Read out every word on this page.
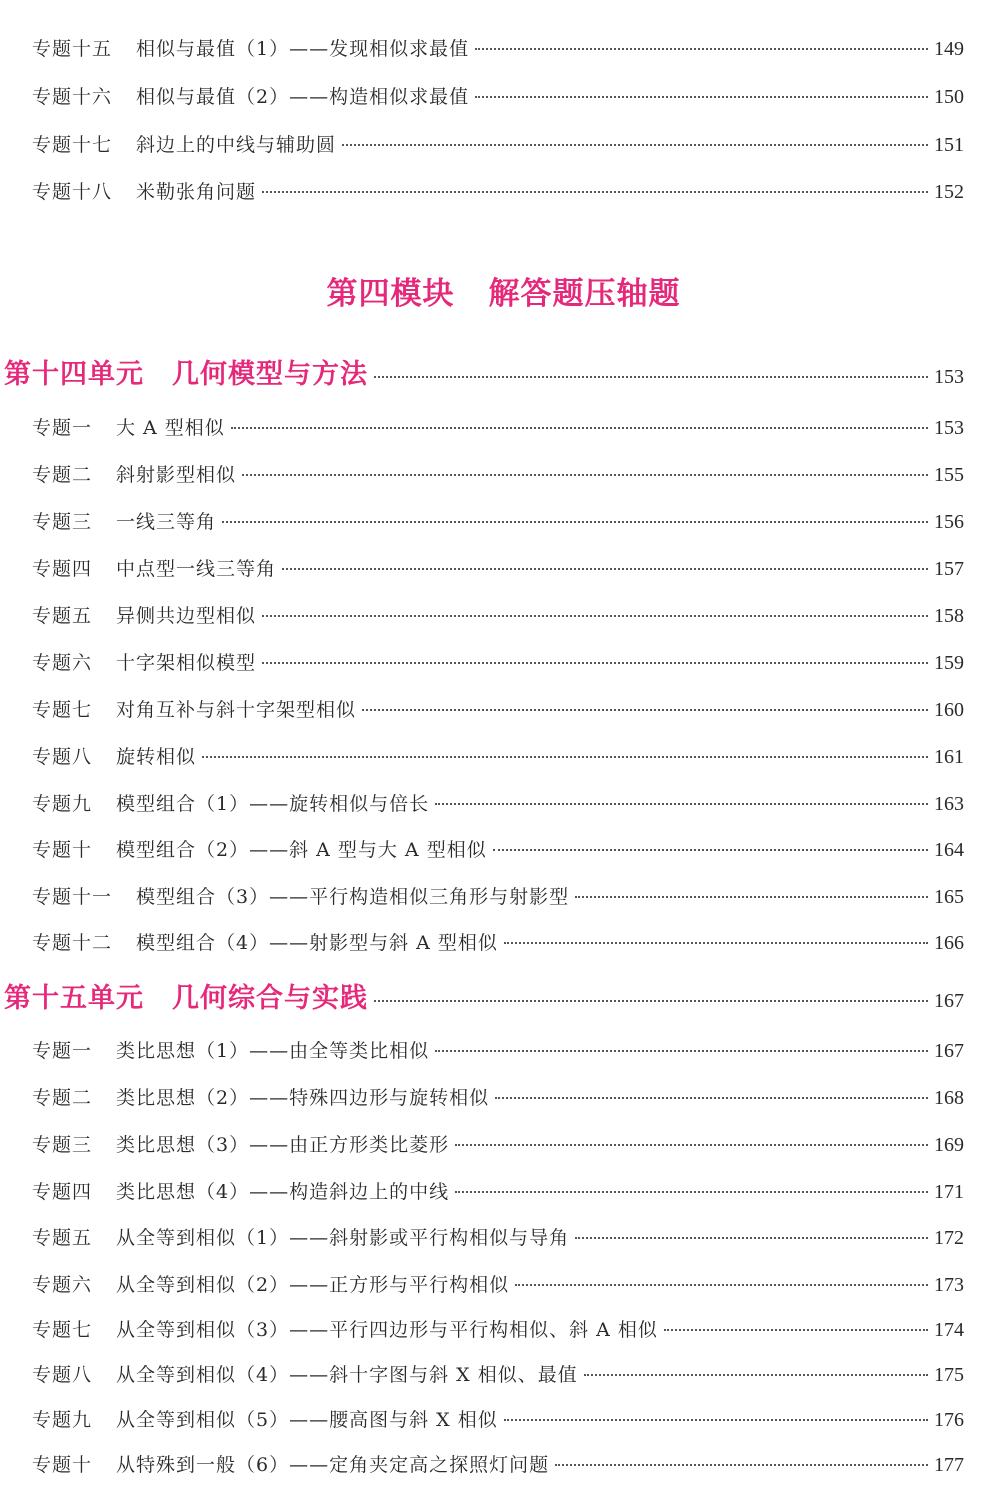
专题十五	相似与最值（1）——发现相似求最值	149
专题十六	相似与最值（2）——构造相似求最值	150
专题十七	斜边上的中线与辅助圆	151
专题十八	米勒张角问题	152
第四模块 解答题压轴题
第十四单元 几何模型与方法	153
专题一	大 A 型相似	153
专题二	斜射影型相似	155
专题三	一线三等角	156
专题四	中点型一线三等角	157
专题五	异侧共边型相似	158
专题六	十字架相似模型	159
专题七	对角互补与斜十字架型相似	160
专题八	旋转相似	161
专题九	模型组合（1）——旋转相似与倍长	163
专题十	模型组合（2）——斜 A 型与大 A 型相似	164
专题十一	模型组合（3）——平行构造相似三角形与射影型	165
专题十二	模型组合（4）——射影型与斜 A 型相似	166
第十五单元 几何综合与实践	167
专题一	类比思想（1）——由全等类比相似	167
专题二	类比思想（2）——特殊四边形与旋转相似	168
专题三	类比思想（3）——由正方形类比菱形	169
专题四	类比思想（4）——构造斜边上的中线	171
专题五	从全等到相似（1）——斜射影或平行构相似与导角	172
专题六	从全等到相似（2）——正方形与平行构相似	173
专题七	从全等到相似（3）——平行四边形与平行构相似、斜 A 相似	174
专题八	从全等到相似（4）——斜十字图与斜 X 相似、最值	175
专题九	从全等到相似（5）——腰高图与斜 X 相似	176
专题十	从特殊到一般（6）——定角夹定高之探照灯问题	177
